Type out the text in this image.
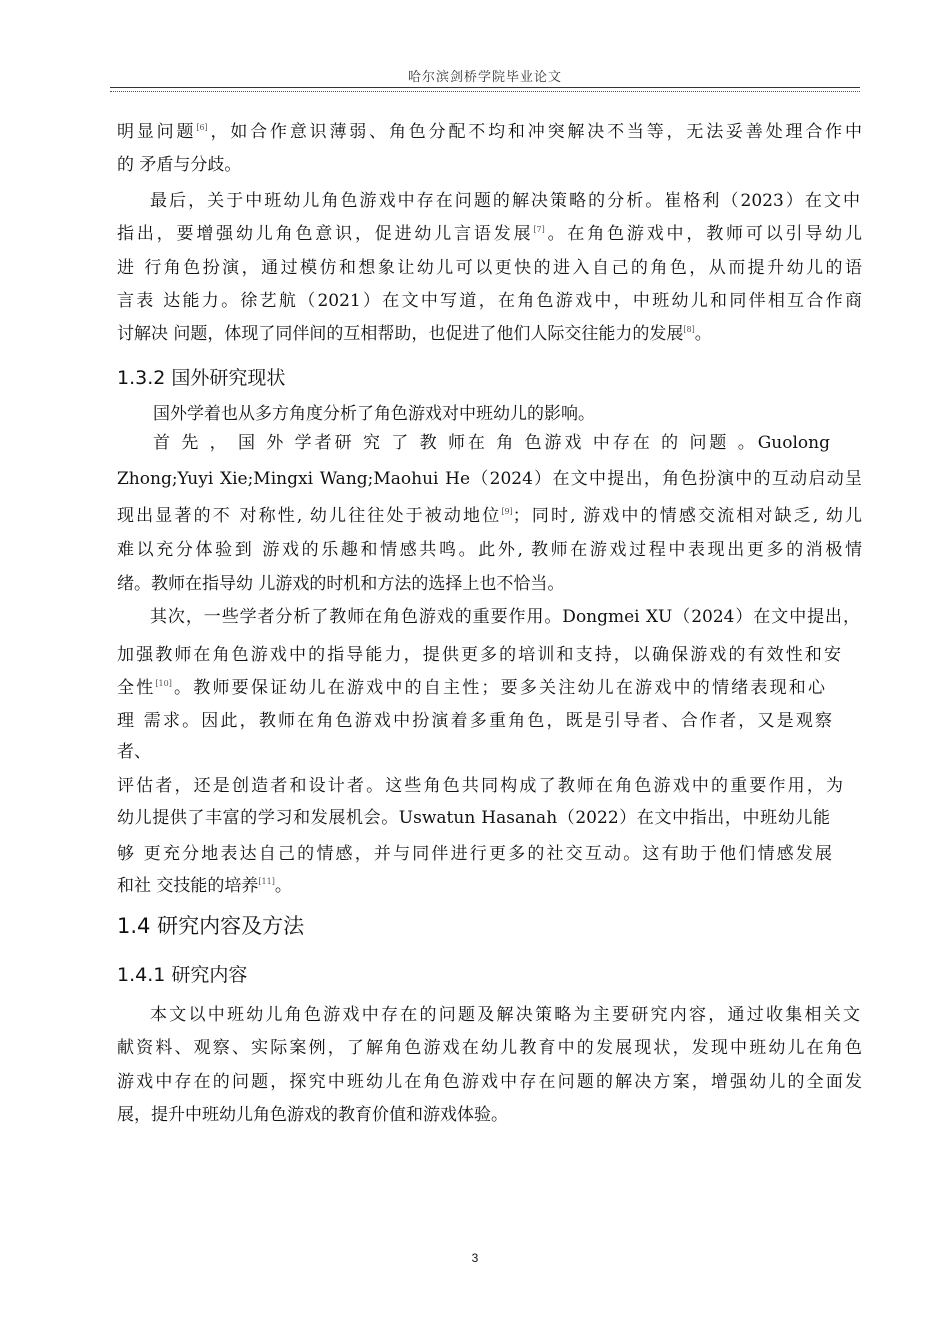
哈尔滨剑桥学院毕业论文
明显问题[6]，如合作意识薄弱、角色分配不均和冲突解决不当等，无法妥善处理合作中
的 矛盾与分歧。
最后，关于中班幼儿角色游戏中存在问题的解决策略的分析。崔格利（2023）在文中
指出，要增强幼儿角色意识，促进幼儿言语发展[7]。在角色游戏中，教师可以引导幼儿
进 行角色扮演，通过模仿和想象让幼儿可以更快的进入自己的角色，从而提升幼儿的语
言表 达能力。徐艺航（2021）在文中写道，在角色游戏中，中班幼儿和同伴相互合作商
讨解决 问题，体现了同伴间的互相帮助，也促进了他们人际交往能力的发展[8]。
1.3.2 国外研究现状
国外学着也从多方角度分析了角色游戏对中班幼儿的影响。
首 先 ， 国 外 学者研 究 了 教 师在 角 色游戏 中存在 的 问题 。Guolong
Zhong;Yuyi Xie;Mingxi Wang;Maohui He（2024）在文中提出，角色扮演中的互动启动呈
现出显著的不 对称性, 幼儿往往处于被动地位[9]；同时, 游戏中的情感交流相对缺乏, 幼儿
难以充分体验到 游戏的乐趣和情感共鸣。此外, 教师在游戏过程中表现出更多的消极情
绪。教师在指导幼 儿游戏的时机和方法的选择上也不恰当。
其次，一些学者分析了教师在角色游戏的重要作用。Dongmei XU（2024）在文中提出，
加强教师在角色游戏中的指导能力，提供更多的培训和支持，以确保游戏的有效性和安
全性[10]。教师要保证幼儿在游戏中的自主性；要多关注幼儿在游戏中的情绪表现和心
理 需求。因此，教师在角色游戏中扮演着多重角色，既是引导者、合作者，又是观察
者、
评估者，还是创造者和设计者。这些角色共同构成了教师在角色游戏中的重要作用，为
幼儿提供了丰富的学习和发展机会。Uswatun Hasanah（2022）在文中指出，中班幼儿能
够 更充分地表达自己的情感，并与同伴进行更多的社交互动。这有助于他们情感发展
和社 交技能的培养[11]。
1.4 研究内容及方法
1.4.1 研究内容
本文以中班幼儿角色游戏中存在的问题及解决策略为主要研究内容，通过收集相关文
献资料、观察、实际案例，了解角色游戏在幼儿教育中的发展现状，发现中班幼儿在角色
游戏中存在的问题，探究中班幼儿在角色游戏中存在问题的解决方案，增强幼儿的全面发
展，提升中班幼儿角色游戏的教育价值和游戏体验。
3
